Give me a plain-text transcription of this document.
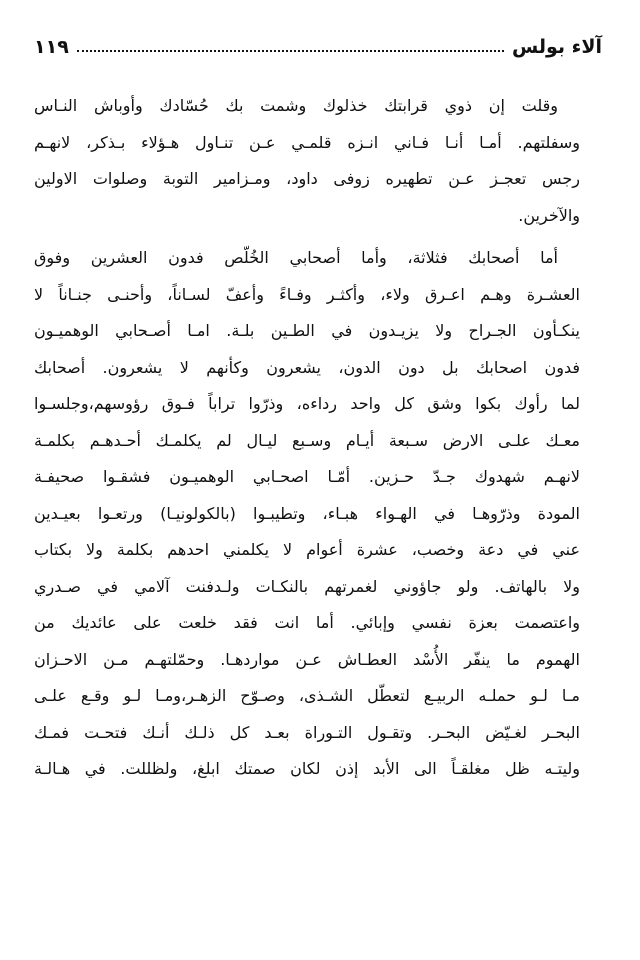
آلاء بولس
١١٩
وقلت إن ذوي قرابتك خذلوك وشمت بك حُسّادك وأوباش النـاس
وسفلتهم. أمـا أنـا فـاني انـزه قلمـي عـن تنـاول هـؤلاء بـذكر، لانهـم
رجس تعجـز عـن تطهيره زوفى داود، ومـزامير التوبة وصلوات الاولين
والآخرين.
أما أصحابك فثلاثة، وأما أصحابي الخُلّص فدون العشرين وفوق
العشـرة وهـم اعـرق ولاء، وأكثـر وفـاءً وأعفّ لسـاناً، وأحنـى جنـاناً لا
ينكـأون الجـراح ولا يزيـدون في الطـين بلـة. امـا أصـحابي الوهميـون
فدون اصحابك بل دون الدون، يشعرون وكأنهم لا يشعرون. أصحابك
لما رأوك بكوا وشق كل واحد رداءه، وذرّوا تراباً فـوق رؤوسهم،وجلسـوا
معـك علـى الارض سـبعة أيـام وسـبع ليـال لم يكلمـك أحـدهـم بكلمـة
لانهـم شهدوك جـدّ حـزين. أمّـا اصحـابي الوهميـون فشقـوا صحيفـة
المودة وذرّوهـا في الهـواء هبـاء، وتطيبـوا (بالكولونيـا) ورتعـوا بعيـدين
عني في دعة وخصب، عشرة أعوام لا يكلمني احدهم بكلمة ولا بكتاب
ولا بالهاتف. ولو جاؤوني لغمرتهم بالنكـات ولـدفنت آلامي في صـدري
واعتصمت بعزة نفسي وإبائي. أما انت فقد خلعت على عائديك من
الهموم ما ينفّر الأُسْد العطـاش عـن مواردهـا. وحمّلتهـم مـن الاحـزان
مـا لـو حملـه الربيـع لتعطّل الشـذى، وصـوّح الزهـر،ومـا لـو وقـع علـى
البحـر لغـيّض البحـر. وتقـول التـوراة بعـد كل ذلـك أنـك فتحـت فمـك
وليتـه ظل مغلقـاً الى الأبد إذن لكان صمتك ابلغ، ولظللت. في هـالـة
